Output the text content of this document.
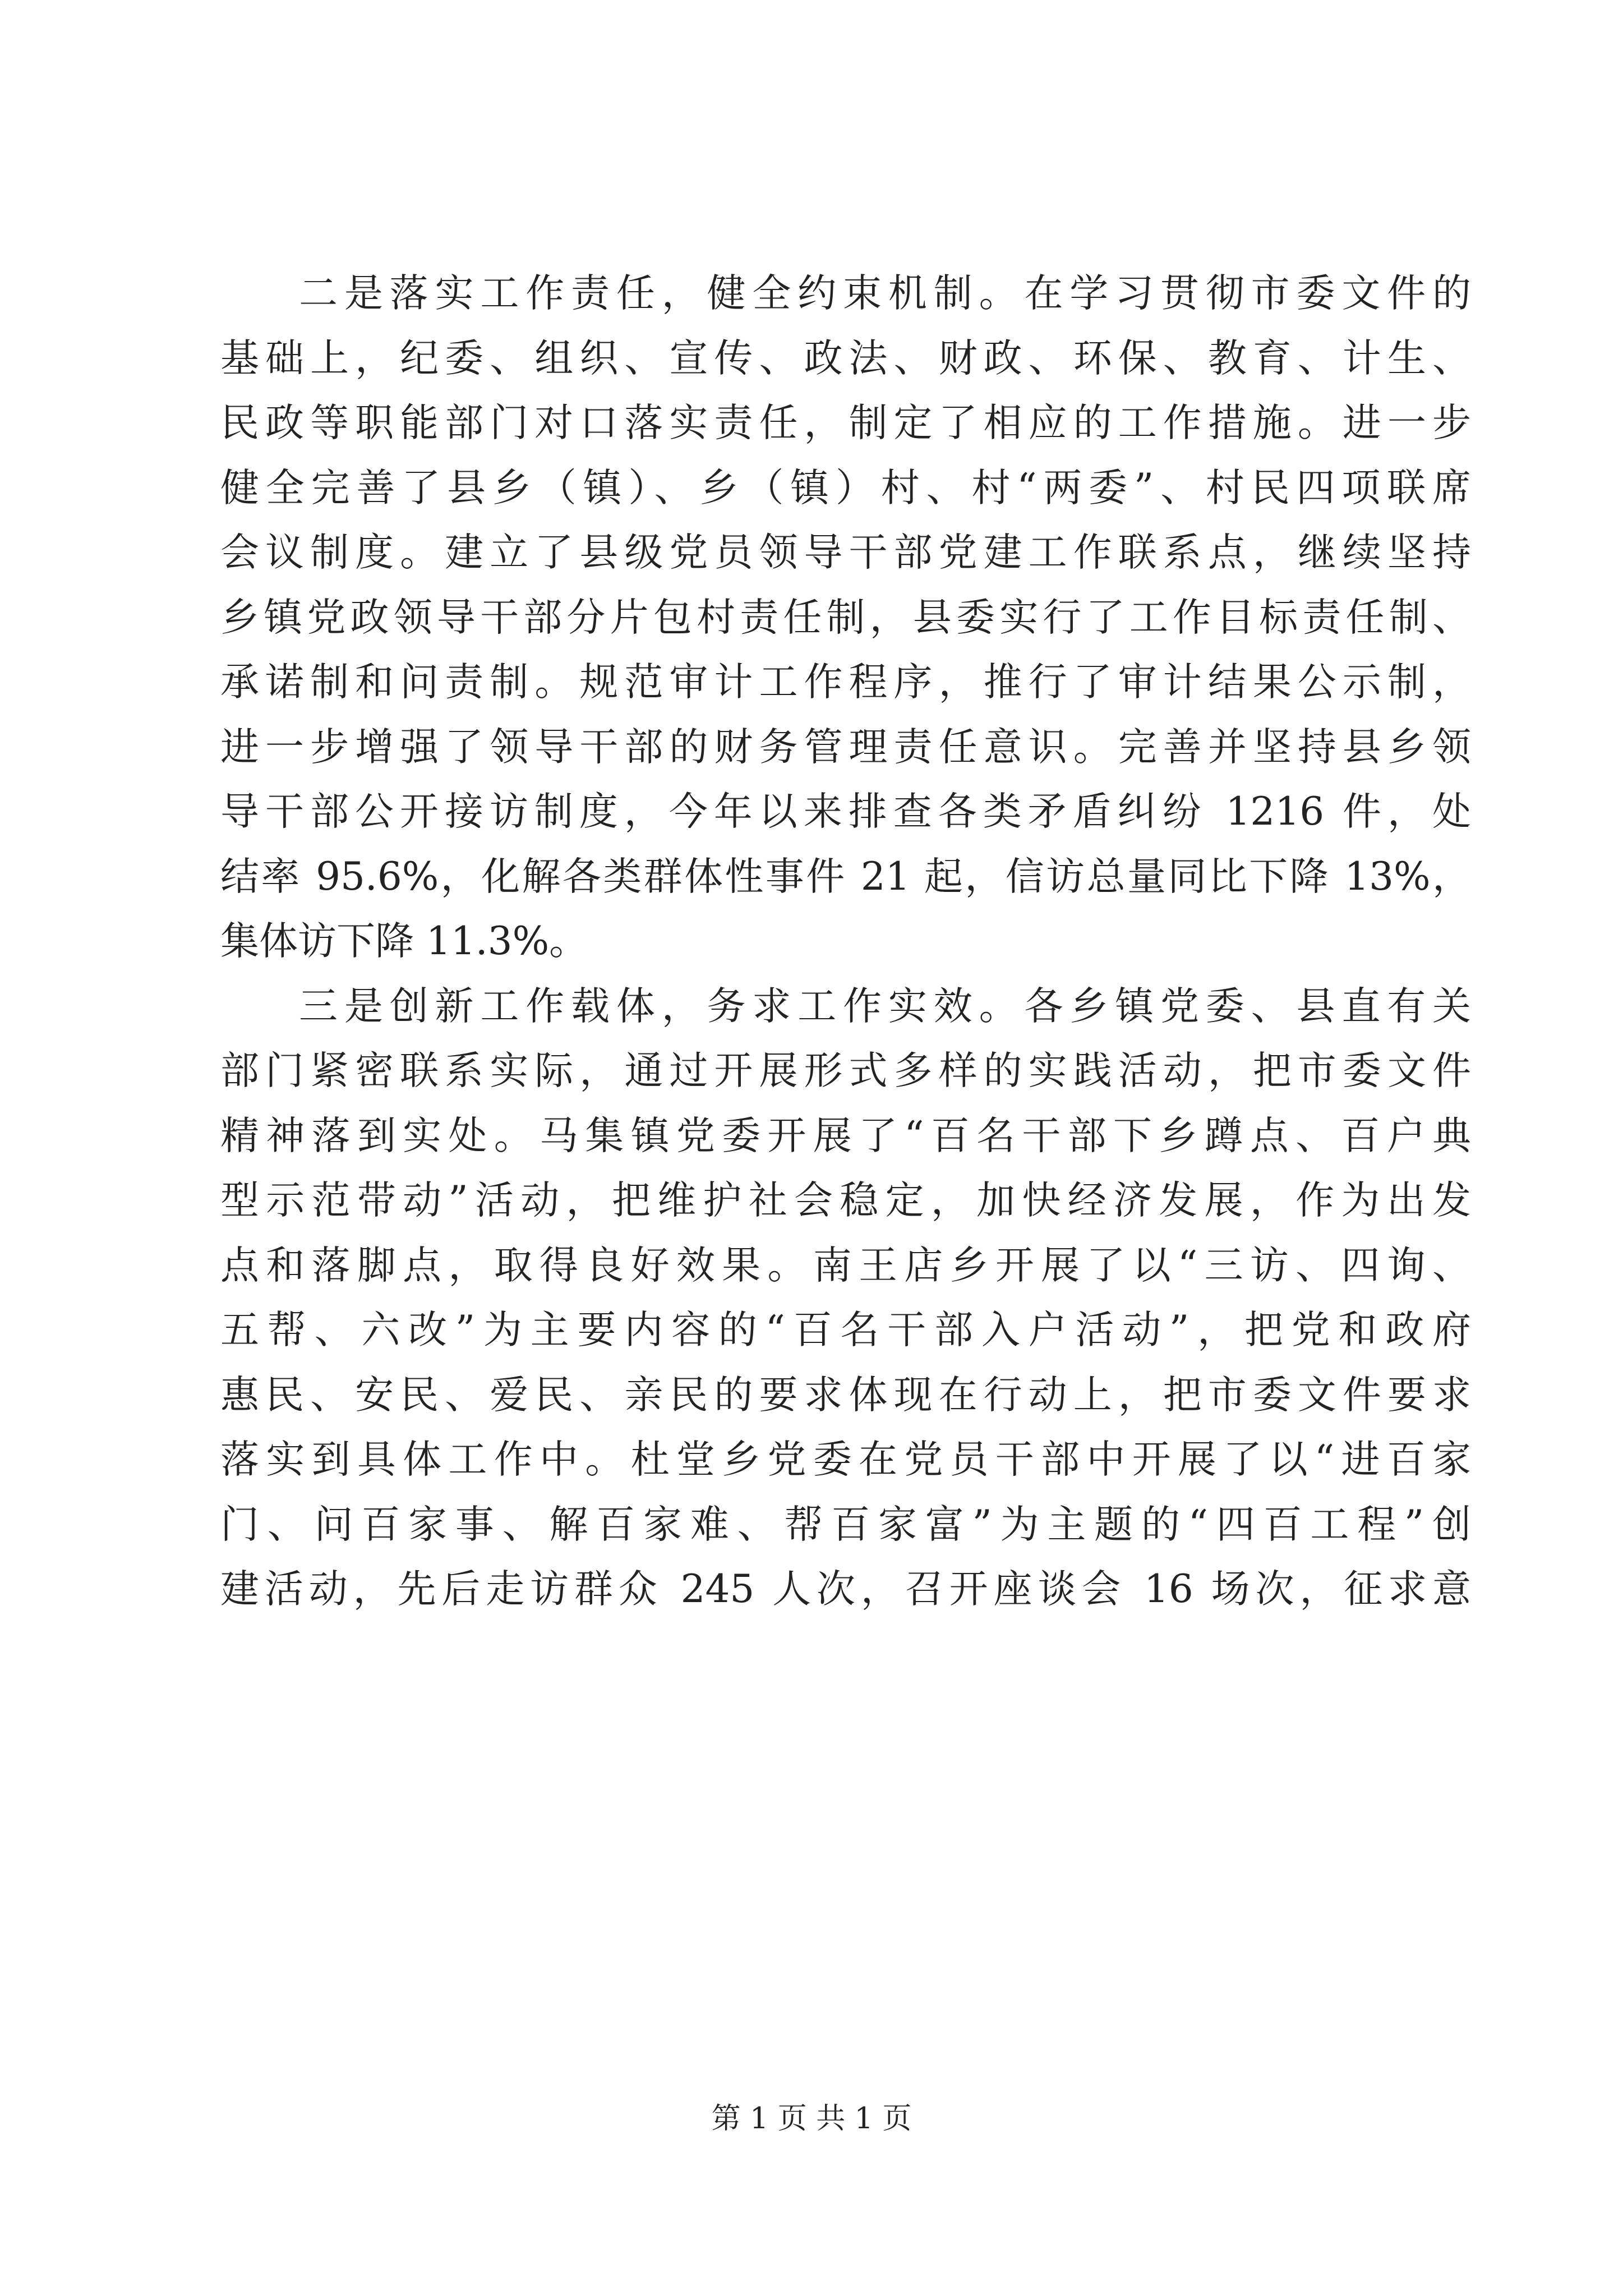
二是落实工作责任，健全约束机制。在学习贯彻市委文件的
基础上，纪委、组织、宣传、政法、财政、环保、教育、计生、
民政等职能部门对口落实责任，制定了相应的工作措施。进一步
健全完善了县乡（镇）、乡（镇）村、村“两委”、村民四项联席
会议制度。建立了县级党员领导干部党建工作联系点，继续坚持
乡镇党政领导干部分片包村责任制，县委实行了工作目标责任制、
承诺制和问责制。规范审计工作程序，推行了审计结果公示制，
进一步增强了领导干部的财务管理责任意识。完善并坚持县乡领
导干部公开接访制度，今年以来排查各类矛盾纠纷 1216 件，处
结率 95.6%，化解各类群体性事件 21 起，信访总量同比下降 13%，
集体访下降 11.3%。
三是创新工作载体，务求工作实效。各乡镇党委、县直有关
部门紧密联系实际，通过开展形式多样的实践活动，把市委文件
精神落到实处。马集镇党委开展了“百名干部下乡蹲点、百户典
型示范带动”活动，把维护社会稳定，加快经济发展，作为出发
点和落脚点，取得良好效果。南王店乡开展了以“三访、四询、
五帮、六改”为主要内容的“百名干部入户活动”，把党和政府
惠民、安民、爱民、亲民的要求体现在行动上，把市委文件要求
落实到具体工作中。杜堂乡党委在党员干部中开展了以“进百家
门、问百家事、解百家难、帮百家富”为主题的“四百工程”创
建活动，先后走访群众 245 人次，召开座谈会 16 场次，征求意
第 1 页 共 1 页
